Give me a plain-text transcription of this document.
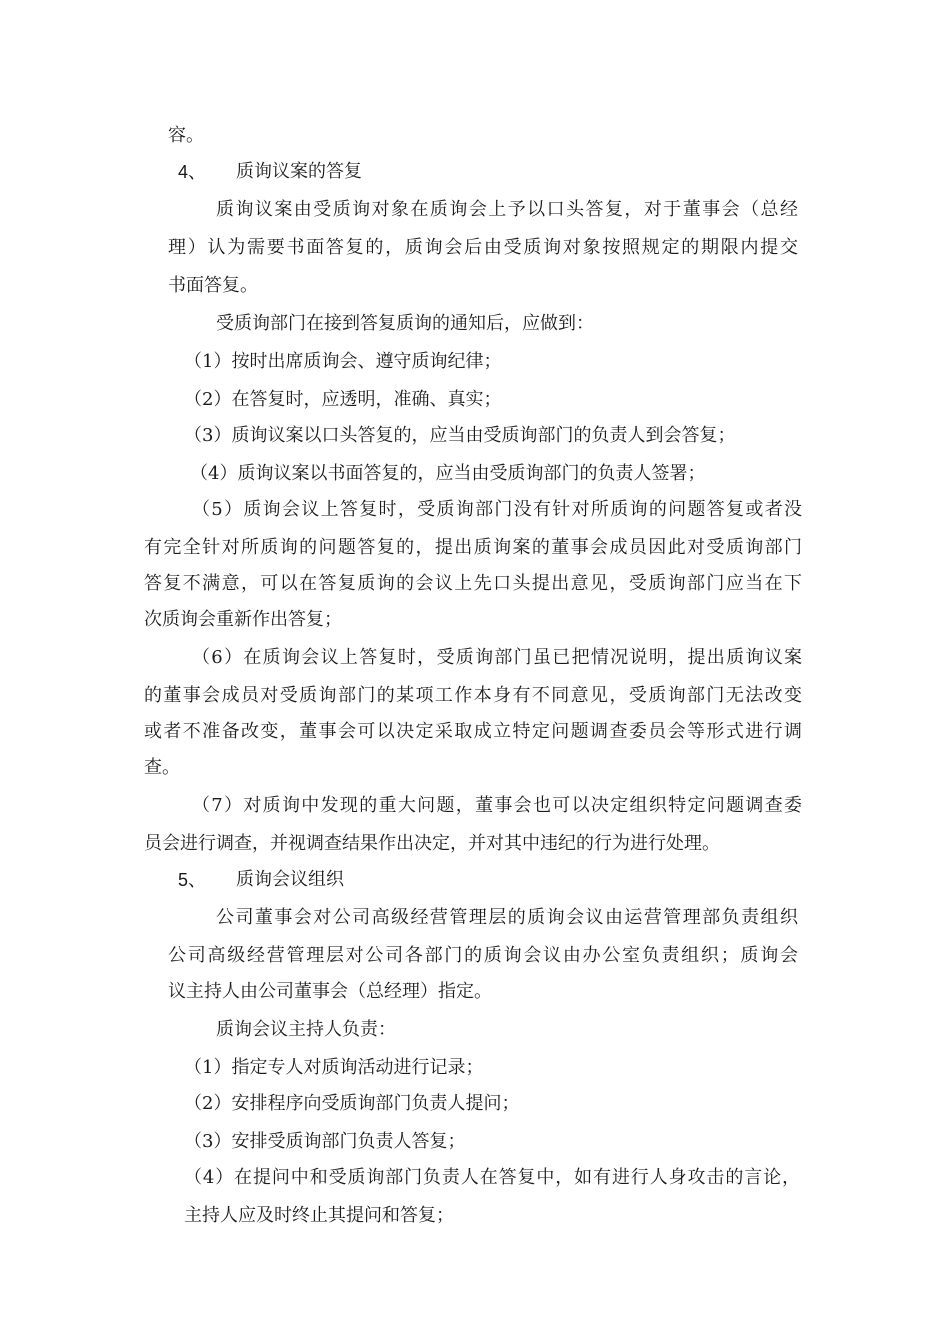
容。
4、 质询议案的答复
质询议案由受质询对象在质询会上予以口头答复，对于董事会（总经
理）认为需要书面答复的，质询会后由受质询对象按照规定的期限内提交
书面答复。
受质询部门在接到答复质询的通知后，应做到：
（1）按时出席质询会、遵守质询纪律；
（2）在答复时，应透明，准确、真实；
（3）质询议案以口头答复的，应当由受质询部门的负责人到会答复；
（4）质询议案以书面答复的，应当由受质询部门的负责人签署；
（5）质询会议上答复时，受质询部门没有针对所质询的问题答复或者没
有完全针对所质询的问题答复的，提出质询案的董事会成员因此对受质询部门
答复不满意，可以在答复质询的会议上先口头提出意见，受质询部门应当在下
次质询会重新作出答复；
（6）在质询会议上答复时，受质询部门虽已把情况说明，提出质询议案
的董事会成员对受质询部门的某项工作本身有不同意见，受质询部门无法改变
或者不准备改变，董事会可以决定采取成立特定问题调查委员会等形式进行调
查。
（7）对质询中发现的重大问题，董事会也可以决定组织特定问题调查委
员会进行调查，并视调查结果作出决定，并对其中违纪的行为进行处理。
5、 质询会议组织
公司董事会对公司高级经营管理层的质询会议由运营管理部负责组织
公司高级经营管理层对公司各部门的质询会议由办公室负责组织；质询会
议主持人由公司董事会（总经理）指定。
质询会议主持人负责：
（1）指定专人对质询活动进行记录；
（2）安排程序向受质询部门负责人提问；
（3）安排受质询部门负责人答复；
（4）在提问中和受质询部门负责人在答复中，如有进行人身攻击的言论，
主持人应及时终止其提问和答复；
